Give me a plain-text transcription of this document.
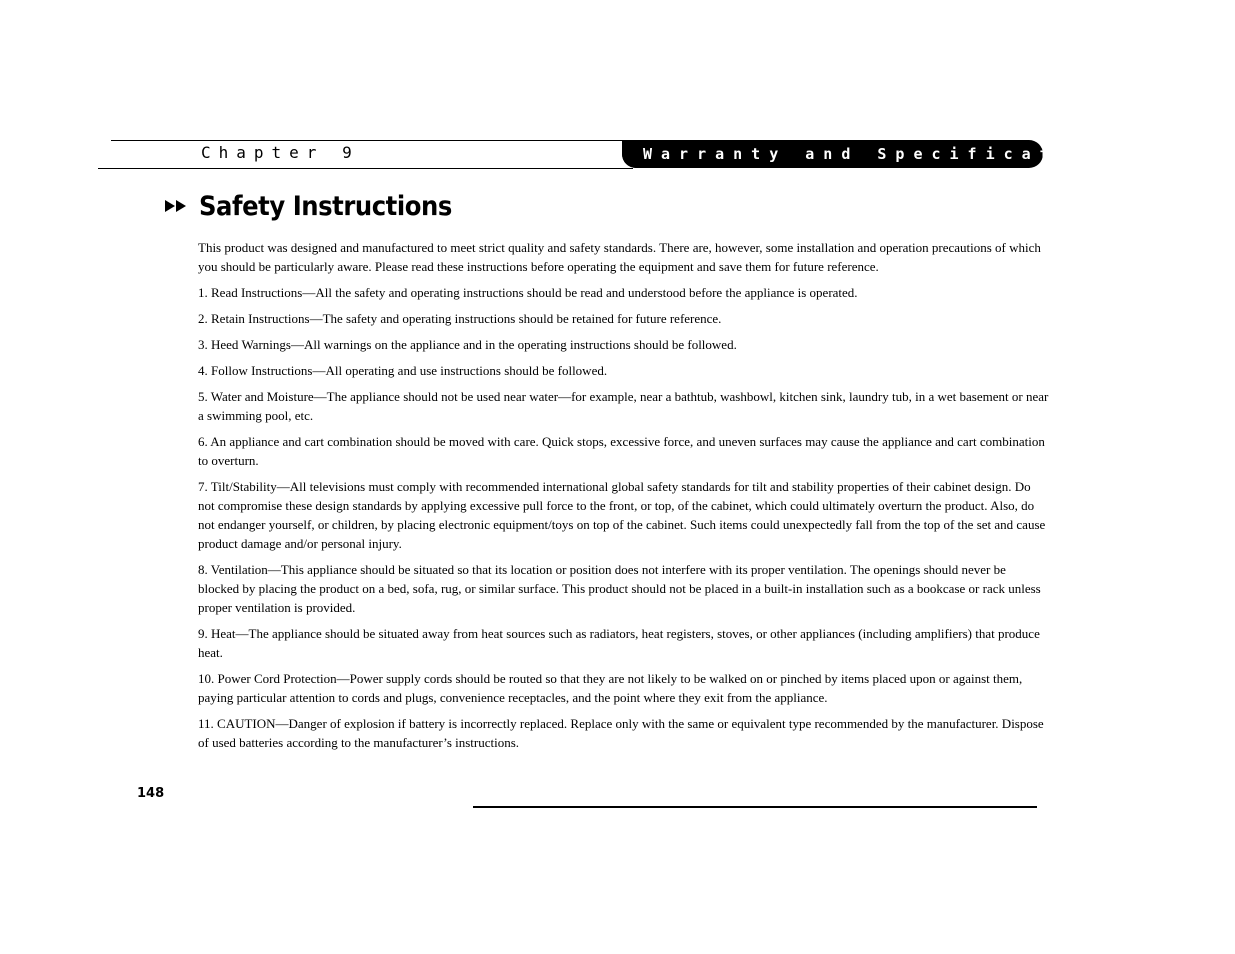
Chapter 9	Warranty and Specifications
Safety Instructions

This product was designed and manufactured to meet strict quality and safety standards. There are, however, some installation and operation precautions of which you should be particularly aware. Please read these instructions before operating the equipment and save them for future reference.

1. Read Instructions—All the safety and operating instructions should be read and understood before the appliance is operated.

2. Retain Instructions—The safety and operating instructions should be retained for future reference.

3. Heed Warnings—All warnings on the appliance and in the operating instructions should be followed.

4. Follow Instructions—All operating and use instructions should be followed.

5. Water and Moisture—The appliance should not be used near water—for example, near a bathtub, washbowl, kitchen sink, laundry tub, in a wet basement or near a swimming pool, etc.

6. An appliance and cart combination should be moved with care. Quick stops, excessive force, and uneven surfaces may cause the appliance and cart combination to overturn.

7. Tilt/Stability—All televisions must comply with recommended international global safety standards for tilt and stability properties of their cabinet design. Do not compromise these design standards by applying excessive pull force to the front, or top, of the cabinet, which could ultimately overturn the product. Also, do not endanger yourself, or children, by placing electronic equipment/toys on top of the cabinet. Such items could unexpectedly fall from the top of the set and cause product damage and/or personal injury.

8. Ventilation—This appliance should be situated so that its location or position does not interfere with its proper ventilation. The openings should never be blocked by placing the product on a bed, sofa, rug, or similar surface. This product should not be placed in a built-in installation such as a bookcase or rack unless proper ventilation is provided.

9. Heat—The appliance should be situated away from heat sources such as radiators, heat registers, stoves, or other appliances (including amplifiers) that produce heat.

10. Power Cord Protection—Power supply cords should be routed so that they are not likely to be walked on or pinched by items placed upon or against them, paying particular attention to cords and plugs, convenience receptacles, and the point where they exit from the appliance.

11. CAUTION—Danger of explosion if battery is incorrectly replaced. Replace only with the same or equivalent type recommended by the manufacturer. Dispose of used batteries according to the manufacturer’s instructions.

148
